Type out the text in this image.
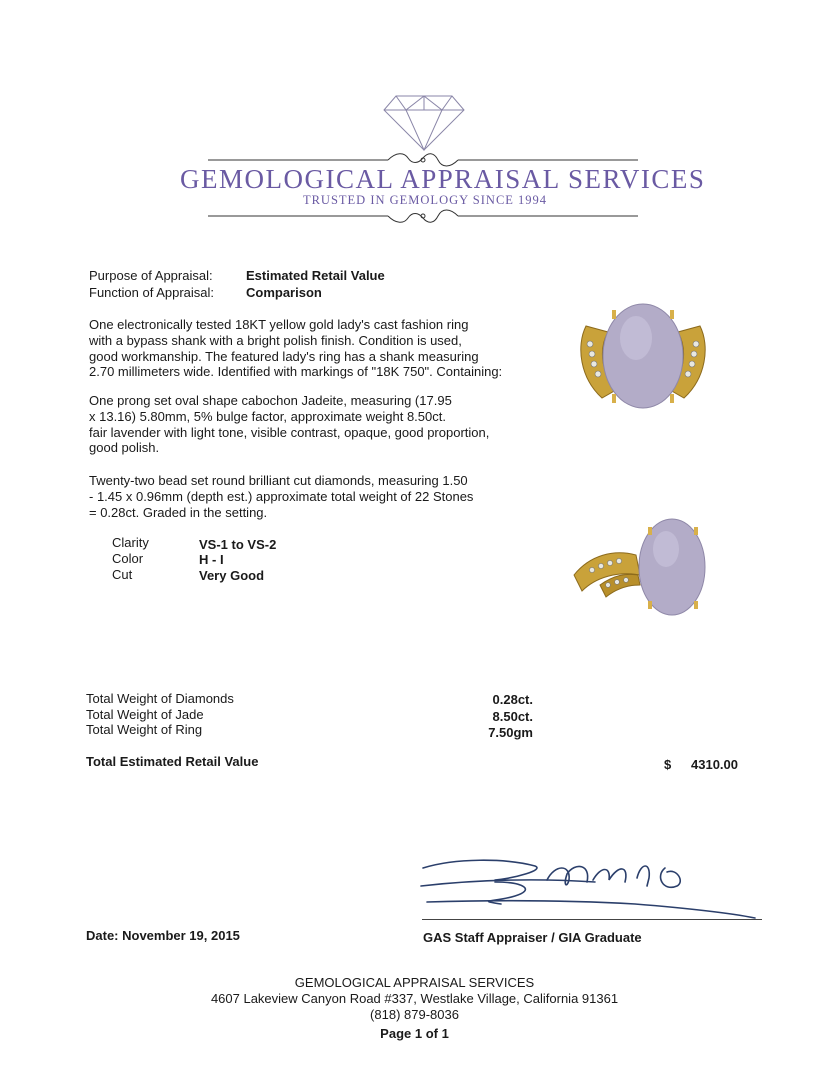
GEMOLOGICAL APPRAISAL SERVICES
TRUSTED IN GEMOLOGY SINCE 1994
Purpose of Appraisal:	Estimated Retail Value
Function of Appraisal: Comparison

One electronically tested 18KT yellow gold lady's cast fashion ring
with a bypass shank with a bright polish finish. Condition is used,
good workmanship. The featured lady's ring has a shank measuring
2.70 millimeters wide. Identified with markings of "18K 750". Containing:

One prong set oval shape cabochon Jadeite, measuring (17.95
x 13.16) 5.80mm, 5% bulge factor, approximate weight 8.50ct.
fair lavender with light tone, visible contrast, opaque, good proportion,
good polish.

Twenty-two bead set round brilliant cut diamonds, measuring 1.50
- 1.45 x 0.96mm (depth est.) approximate total weight of 22 Stones
= 0.28ct. Graded in the setting.

Clarity	VS-1 to VS-2
Color	H - I
Cut	Very Good
Total Weight of Diamonds	0.28ct.
Total Weight of Jade	8.50ct.
Total Weight of Ring	7.50gm
Total Estimated Retail Value	$	4310.00
Date: November 19, 2015	GAS Staff Appraiser / GIA Graduate
GEMOLOGICAL APPRAISAL SERVICES
4607 Lakeview Canyon Road #337, Westlake Village, California 91361
(818) 879-8036
Page 1 of 1
